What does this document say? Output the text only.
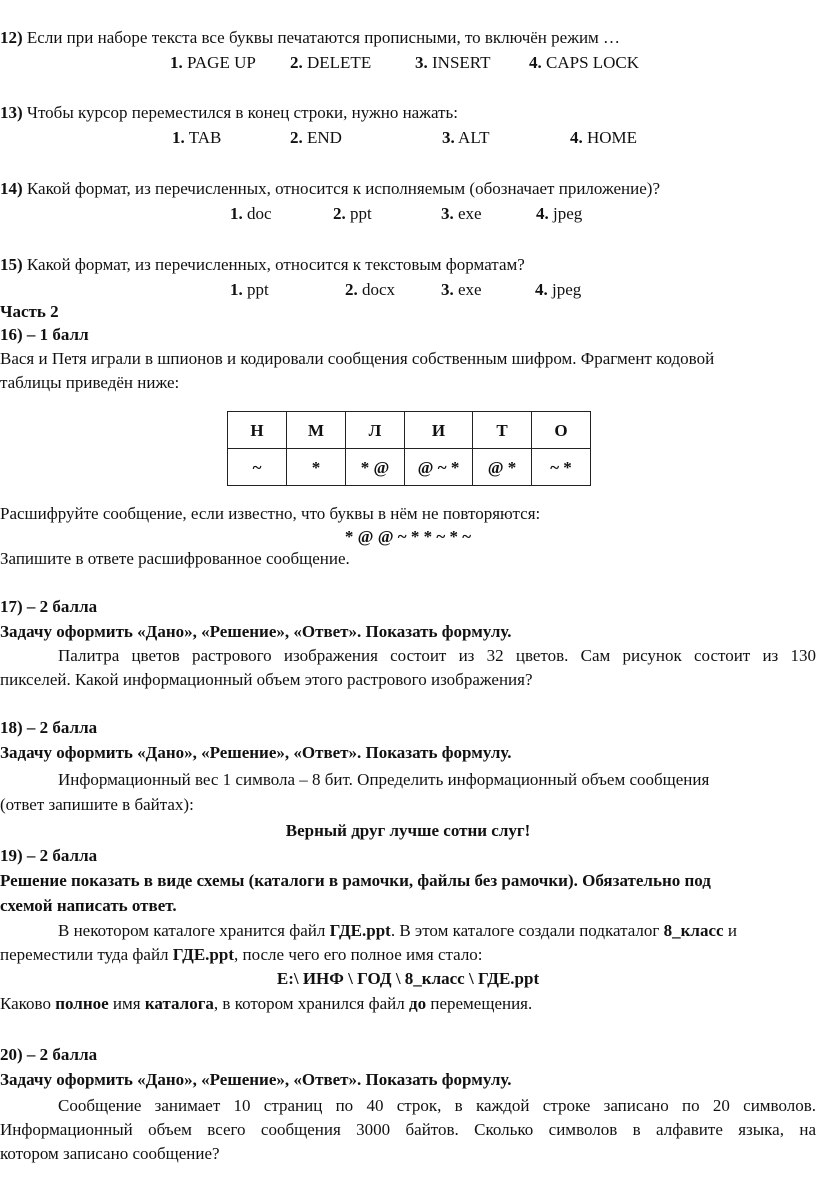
12) Если при наборе текста все буквы печатаются прописными, то включён режим …
1. PAGE UP 2. DELETE	3. INSERT 4. CAPS LOCK
13) Чтобы курсор переместился в конец строки, нужно нажать:
1. TAB	2. END	3. ALT	4. HOME
14) Какой формат, из перечисленных, относится к исполняемым (обозначает приложение)?
1. doc	2. ppt	3. exe	4. jpeg
15) Какой формат, из перечисленных, относится к текстовым форматам?
1. ppt	2. docx	3. exe	4. jpeg
Часть 2
16) – 1 балл
Вася и Петя играли в шпионов и кодировали сообщения собственным шифром. Фрагмент кодовой
таблицы приведён ниже:
Н	М	Л	И	Т	О
~	*	* @	@ ~ *	@ *	~ *
Расшифруйте сообщение, если известно, что буквы в нём не повторяются:
* @ @ ~ * * ~ * ~
Запишите в ответе расшифрованное сообщение.
17) – 2 балла
Задачу оформить «Дано», «Решение», «Ответ». Показать формулу.
Палитра цветов растрового изображения состоит из 32 цветов. Сам рисунок состоит из 130
пикселей. Какой информационный объем этого растрового изображения?
18) – 2 балла
Задачу оформить «Дано», «Решение», «Ответ». Показать формулу.
Информационный вес 1 символа – 8 бит. Определить информационный объем сообщения
(ответ запишите в байтах):
Верный друг лучше сотни слуг!
19) – 2 балла
Решение показать в виде схемы (каталоги в рамочки, файлы без рамочки). Обязательно под
схемой написать ответ.
В некотором каталоге хранится файл ГДЕ.ppt. В этом каталоге создали подкаталог 8_класс и
переместили туда файл ГДЕ.ppt, после чего его полное имя стало:
E:\ ИНФ \ ГОД \ 8_класс \ ГДЕ.ppt
Каково полное имя каталога, в котором хранился файл до перемещения.
20) – 2 балла
Задачу оформить «Дано», «Решение», «Ответ». Показать формулу.
Сообщение занимает 10 страниц по 40 строк, в каждой строке записано по 20 символов.
Информационный объем всего сообщения 3000 байтов. Сколько символов в алфавите языка, на
котором записано сообщение?
